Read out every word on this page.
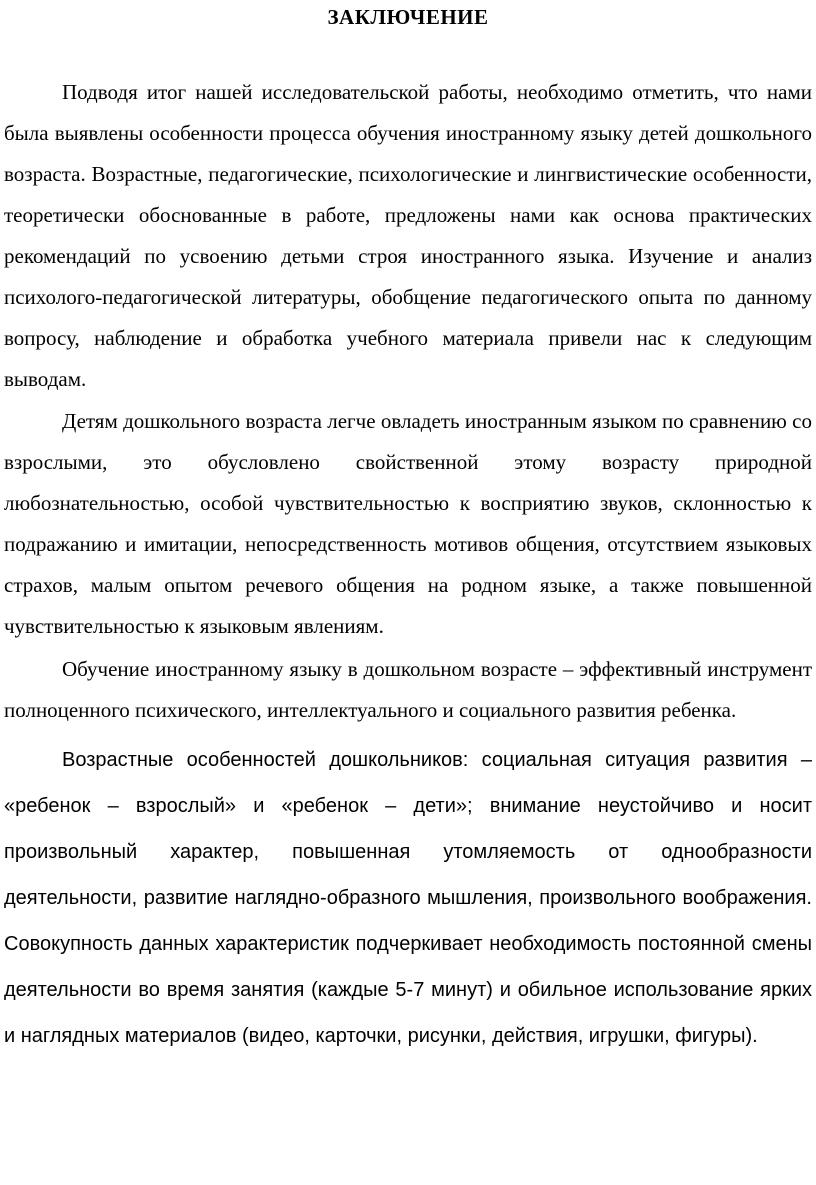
ЗАКЛЮЧЕНИЕ

Подводя итог нашей исследовательской работы, необходимо отметить, что нами была выявлены особенности процесса обучения иностранному языку детей дошкольного возраста. Возрастные, педагогические, психологические и лингвистические особенности, теоретически обоснованные в работе, предложены нами как основа практических рекомендаций по усвоению детьми строя иностранного языка. Изучение и анализ психолого-педагогической литературы, обобщение педагогического опыта по данному вопросу, наблюдение и обработка учебного материала привели нас к следующим выводам.

Детям дошкольного возраста легче овладеть иностранным языком по сравнению со взрослыми, это обусловлено свойственной этому возрасту природной любознательностью, особой чувствительностью к восприятию звуков, склонностью к подражанию и имитации, непосредственность мотивов общения, отсутствием языковых страхов, малым опытом речевого общения на родном языке, а также повышенной чувствительностью к языковым явлениям.

Обучение иностранному языку в дошкольном возрасте – эффективный инструмент полноценного психического, интеллектуального и социального развития ребенка.

Возрастные особенностей дошкольников: социальная ситуация развития – «ребенок – взрослый» и «ребенок – дети»; внимание неустойчиво и носит произвольный характер, повышенная утомляемость от однообразности деятельности, развитие наглядно-образного мышления, произвольного воображения. Совокупность данных характеристик подчеркивает необходимость постоянной смены деятельности во время занятия (каждые 5-7 минут) и обильное использование ярких и наглядных материалов (видео, карточки, рисунки, действия, игрушки, фигуры).
